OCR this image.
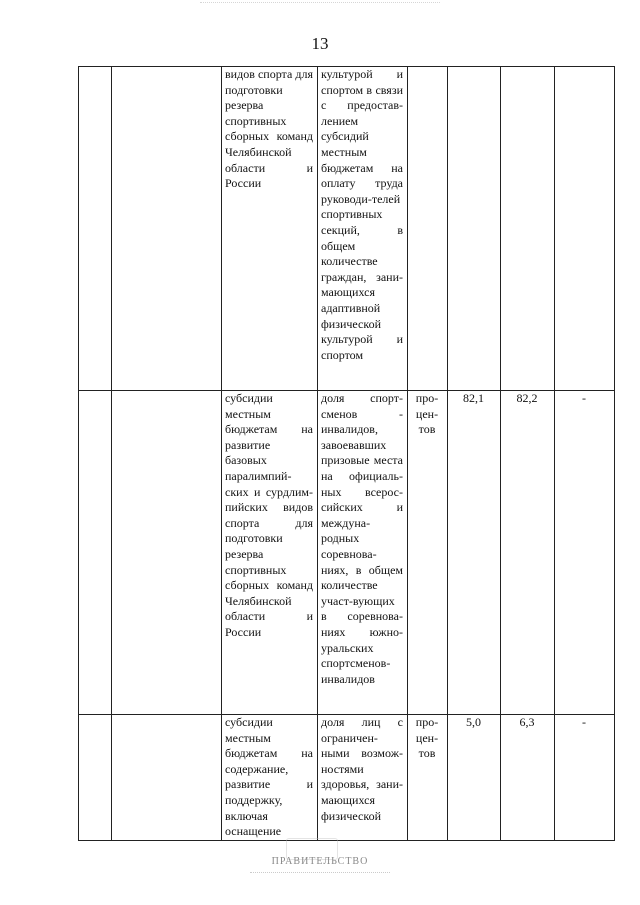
13
		видов спорта для подготовки резерва спортивных сборных команд Челябинской области и России	культурой и спортом в связи с предостав-лением субсидий местным бюджетам на оплату труда руководи-телей спортивных секций, в общем количестве граждан, зани-мающихся адаптивной физической культурой и спортом				
		субсидии местным бюджетам на развитие базовых паралимпий-ских и сурдлим-пийских видов спорта для подготовки резерва спортивных сборных команд Челябинской области и России	доля спорт-сменов - инвалидов, завоевавших призовые места на официаль-ных всерос-сийских и междуна-родных соревнова-ниях, в общем количестве участ-вующих в соревнова-ниях южно-уральских спортсменов-инвалидов	про-цен-тов	82,1	82,2	-
		субсидии местным бюджетам на содержание, развитие и поддержку, включая оснащение	доля лиц с ограничен-ными возмож-ностями здоровья, зани-мающихся физической	про-цен-тов	5,0	6,3	-
ПРАВИТЕЛЬСТВО
